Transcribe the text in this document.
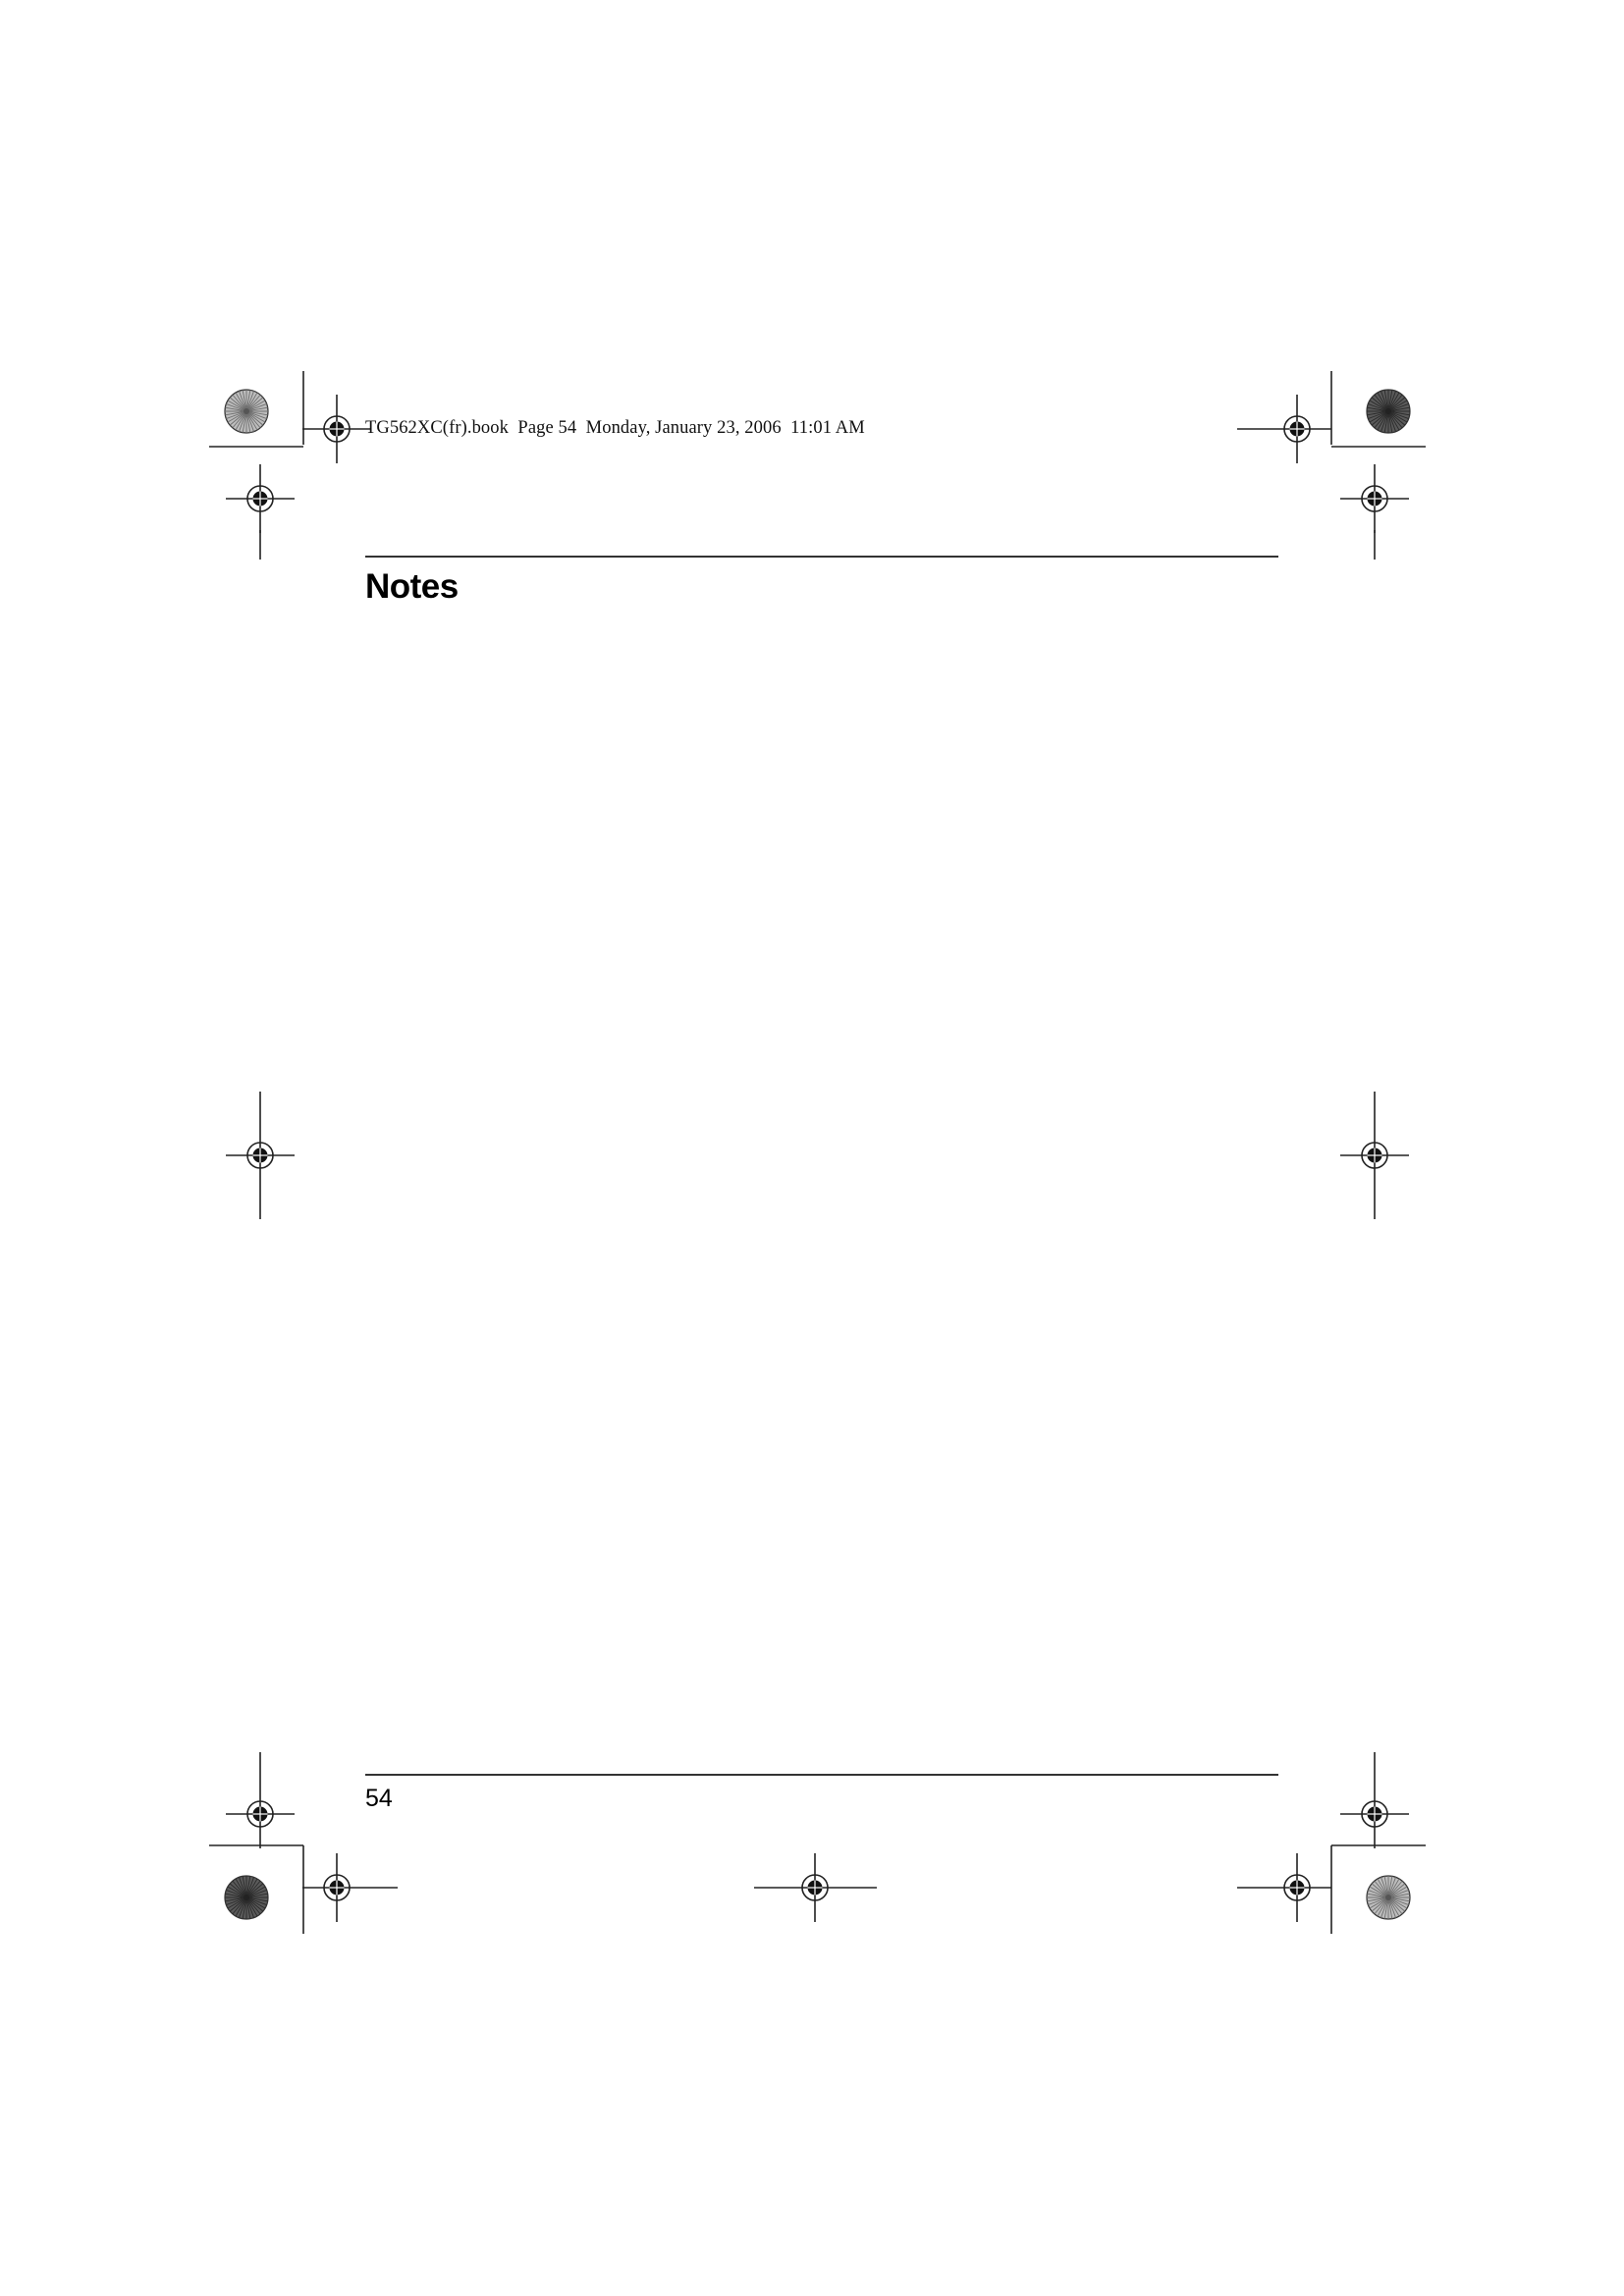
TG562XC(fr).book  Page 54  Monday, January 23, 2006  11:01 AM
Notes
54
